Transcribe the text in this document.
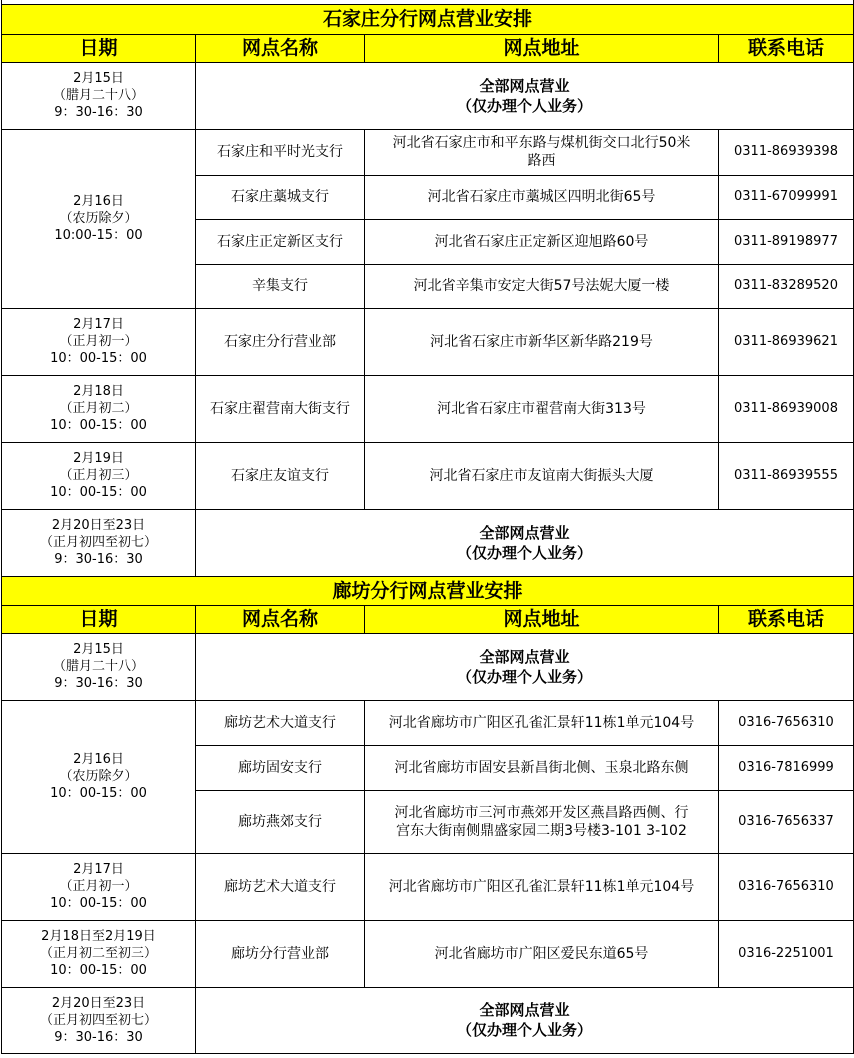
石家庄分行网点营业安排			
日期	网点名称	网点地址	联系电话
2月15日
（腊月二十八）
9：30-16：30	全部网点营业
（仅办理个人业务）		
2月16日
（农历除夕）
10:00-15：00	石家庄和平时光支行	河北省石家庄市和平东路与煤机街交口北行50米
路西	0311-86939398
	石家庄藁城支行	河北省石家庄市藁城区四明北街65号	0311-67099991
	石家庄正定新区支行	河北省石家庄正定新区迎旭路60号	0311-89198977
	辛集支行	河北省辛集市安定大街57号法妮大厦一楼	0311-83289520
2月17日
（正月初一）
10：00-15：00	石家庄分行营业部	河北省石家庄市新华区新华路219号	0311-86939621
2月18日
（正月初二）
10：00-15：00	石家庄翟营南大街支行	河北省石家庄市翟营南大街313号	0311-86939008
2月19日
（正月初三）
10：00-15：00	石家庄友谊支行	河北省石家庄市友谊南大街振头大厦	0311-86939555
2月20日至23日
（正月初四至初七）
9：30-16：30	全部网点营业
（仅办理个人业务）		
廊坊分行网点营业安排			
日期	网点名称	网点地址	联系电话
2月15日
（腊月二十八）
9：30-16：30	全部网点营业
（仅办理个人业务）		
2月16日
（农历除夕）
10：00-15：00	廊坊艺术大道支行	河北省廊坊市广阳区孔雀汇景轩11栋1单元104号	0316-7656310
	廊坊固安支行	河北省廊坊市固安县新昌街北侧、玉泉北路东侧	0316-7816999
	廊坊燕郊支行	河北省廊坊市三河市燕郊开发区燕昌路西侧、行
宫东大街南侧鼎盛家园二期3号楼3-101 3-102	0316-7656337
2月17日
（正月初一）
10：00-15：00	廊坊艺术大道支行	河北省廊坊市广阳区孔雀汇景轩11栋1单元104号	0316-7656310
2月18日至2月19日
（正月初二至初三）
10：00-15：00	廊坊分行营业部	河北省廊坊市广阳区爱民东道65号	0316-2251001
2月20日至23日
（正月初四至初七）
9：30-16：30	全部网点营业
（仅办理个人业务）		
